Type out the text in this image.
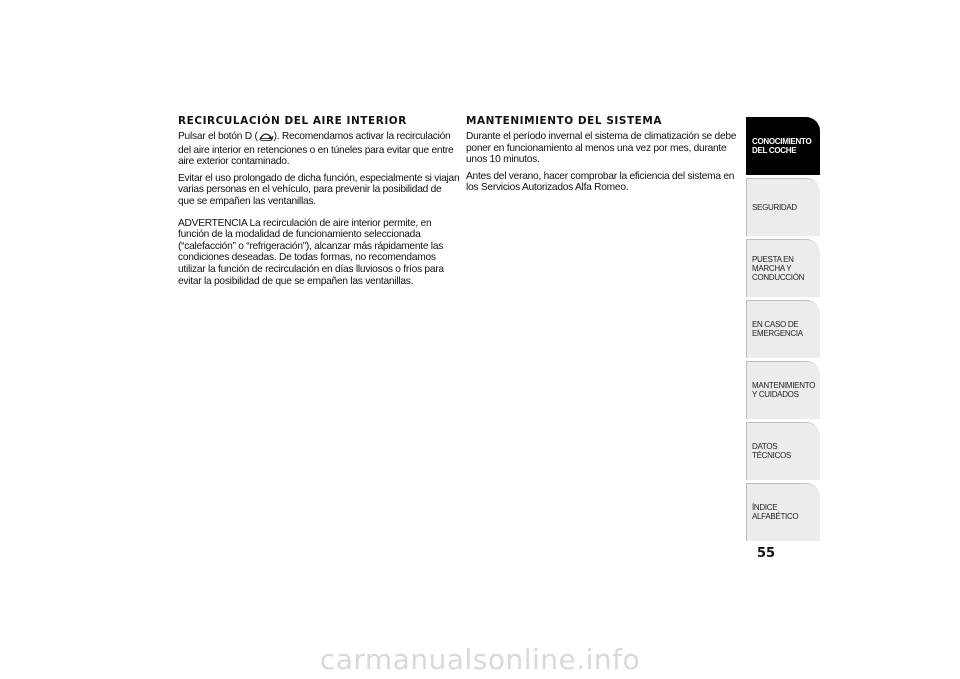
RECIRCULACIÓN DEL AIRE INTERIOR

Pulsar el botón D ( ). Recomendamos activar la recirculación del aire interior en retenciones o en túneles para evitar que entre aire exterior contaminado.

Evitar el uso prolongado de dicha función, especialmente si viajan varias personas en el vehículo, para prevenir la posibilidad de que se empañen las ventanillas.

ADVERTENCIA La recirculación de aire interior permite, en función de la modalidad de funcionamiento seleccionada (“calefacción” o “refrigeración”), alcanzar más rápidamente las condiciones deseadas. De todas formas, no recomendamos utilizar la función de recirculación en días lluviosos o fríos para evitar la posibilidad de que se empañen las ventanillas.

MANTENIMIENTO DEL SISTEMA

Durante el período invernal el sistema de climatización se debe poner en funcionamiento al menos una vez por mes, durante unos 10 minutos.

Antes del verano, hacer comprobar la eficiencia del sistema en los Servicios Autorizados Alfa Romeo.

CONOCIMIENTO DEL COCHE
SEGURIDAD
PUESTA EN MARCHA Y CONDUCCIÓN
EN CASO DE EMERGENCIA
MANTENIMIENTO Y CUIDADOS
DATOS TÉCNICOS
ÍNDICE ALFABÉTICO
55
carmanualsonline.info
